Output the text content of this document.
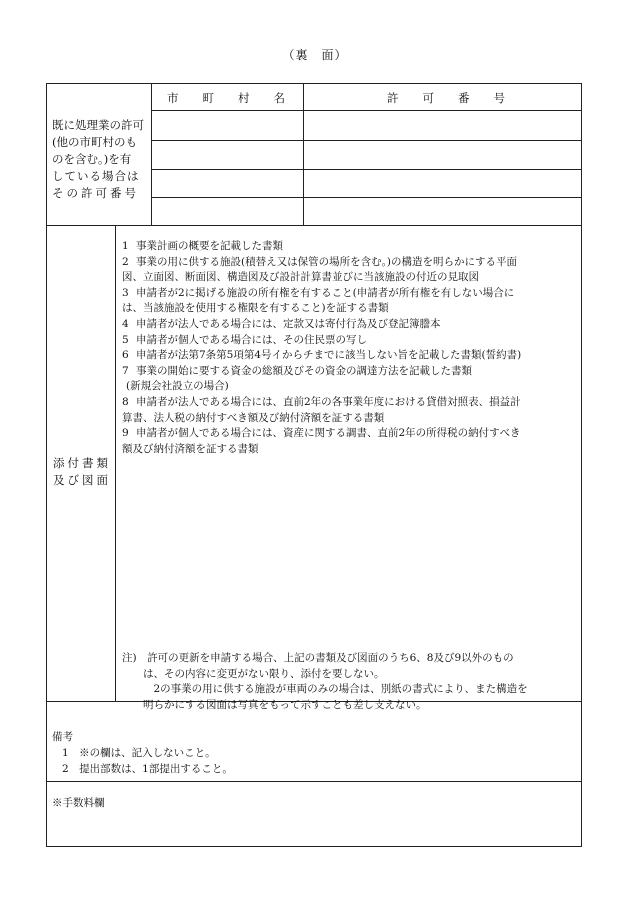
（裏　面）
既に処理業の許可
(他の市町村のも
のを含む。)を有
している場合は
その許可番号
市 町 村 名	許 可 番 号
添付書類
及び図面
1 事業計画の概要を記載した書類
2 事業の用に供する施設(積替え又は保管の場所を含む。)の構造を明らかにする平面
図、立面図、断面図、構造図及び設計計算書並びに当該施設の付近の見取図
3 申請者が2に掲げる施設の所有権を有すること(申請者が所有権を有しない場合に
は、当該施設を使用する権限を有すること)を証する書類
4 申請者が法人である場合には、定款又は寄付行為及び登記簿謄本
5 申請者が個人である場合には、その住民票の写し
6 申請者が法第7条第5項第4号イからチまでに該当しない旨を記載した書類(誓約書)
7 事業の開始に要する資金の総額及びその資金の調達方法を記載した書類
(新規会社設立の場合)
8 申請者が法人である場合には、直前2年の各事業年度における貸借対照表、損益計
算書、法人税の納付すべき額及び納付済額を証する書類
9 申請者が個人である場合には、資産に関する調書、直前2年の所得税の納付すべき
額及び納付済額を証する書類
注)　許可の更新を申請する場合、上記の書類及び図面のうち6、8及び9以外のもの
　　は、その内容に変更がない限り、添付を要しない。
　　　2の事業の用に供する施設が車両のみの場合は、別紙の書式により、また構造を
　　明らかにする図面は写真をもって示すことも差し支えない。
備考
1　※の欄は、記入しないこと。
2　提出部数は、1部提出すること。
※手数料欄
